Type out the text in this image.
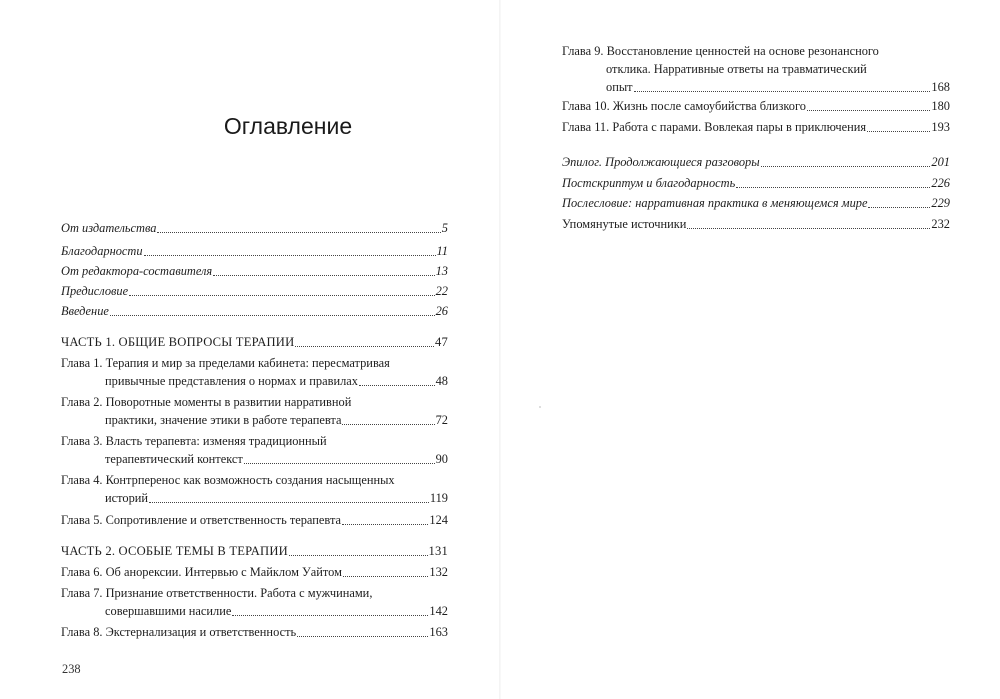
Оглавление
От издательства	5
Благодарности	11
От редактора-составителя	13
Предисловие	22
Введение	26
ЧАСТЬ 1. ОБЩИЕ ВОПРОСЫ ТЕРАПИИ	47
Глава 1. Терапия и мир за пределами кабинета: пересматривая
привычные представления о нормах и правилах	48
Глава 2. Поворотные моменты в развитии нарративной
практики, значение этики в работе терапевта	72
Глава 3. Власть терапевта: изменяя традиционный
терапевтический контекст	90
Глава 4. Контрперенос как возможность создания насыщенных
историй	119
Глава 5. Сопротивление и ответственность терапевта	124
ЧАСТЬ 2. ОСОБЫЕ ТЕМЫ В ТЕРАПИИ	131
Глава 6. Об анорексии. Интервью с Майклом Уайтом	132
Глава 7. Признание ответственности. Работа с мужчинами,
совершавшими насилие	142
Глава 8. Экстернализация и ответственность	163
238
Глава 9. Восстановление ценностей на основе резонансного
отклика. Нарративные ответы на травматический
опыт	168
Глава 10. Жизнь после самоубийства близкого	180
Глава 11. Работа с парами. Вовлекая пары в приключения	193
Эпилог. Продолжающиеся разговоры	201
Постскриптум и благодарность	226
Послесловие: нарративная практика в меняющемся мире	229
Упомянутые источники	232
